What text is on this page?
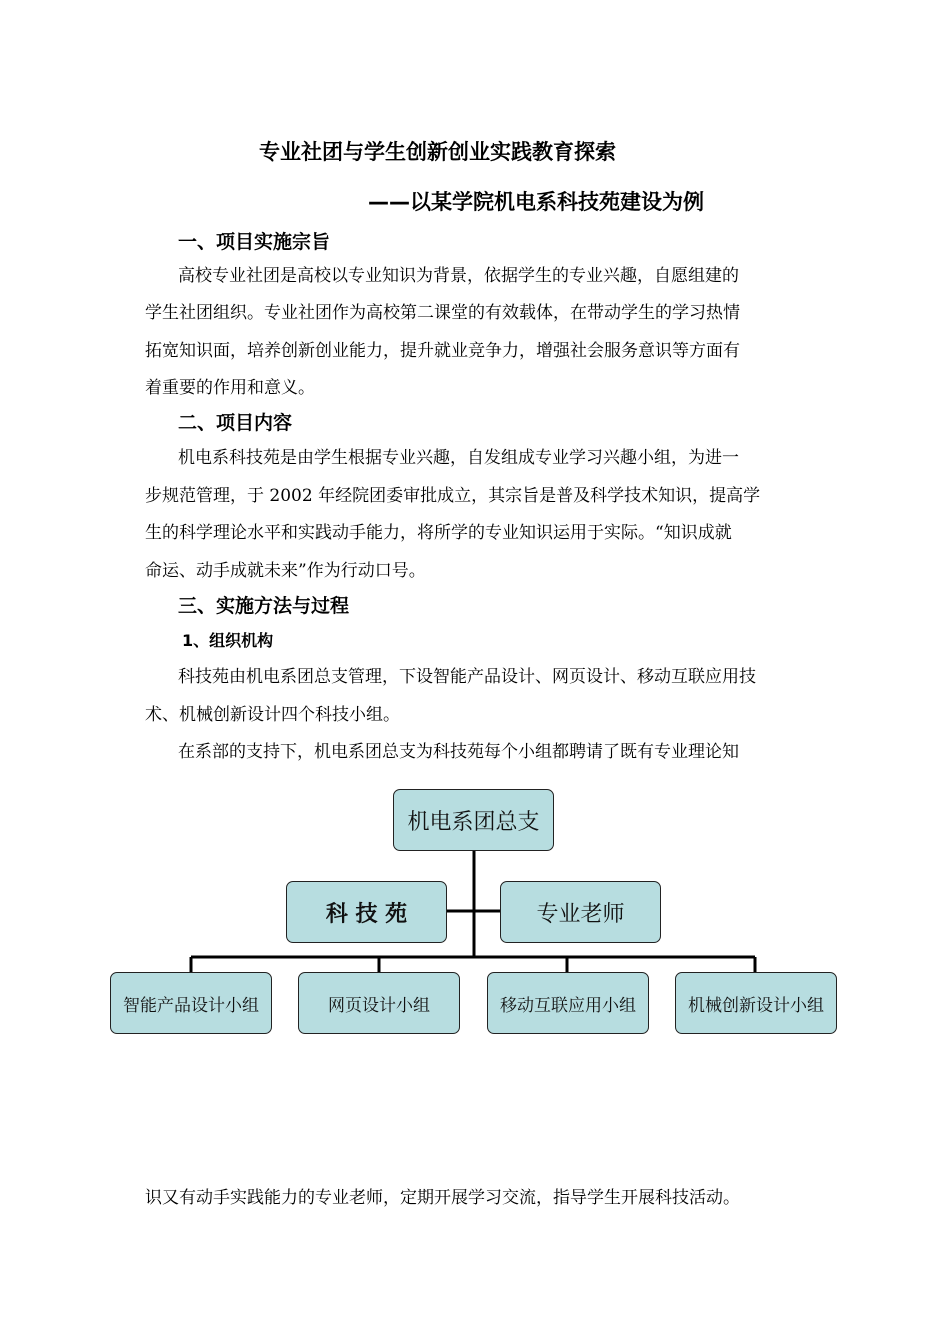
专业社团与学生创新创业实践教育探索
——以某学院机电系科技苑建设为例
一、项目实施宗旨
高校专业社团是高校以专业知识为背景，依据学生的专业兴趣，自愿组建的
学生社团组织。专业社团作为高校第二课堂的有效载体，在带动学生的学习热情
拓宽知识面，培养创新创业能力，提升就业竞争力，增强社会服务意识等方面有
着重要的作用和意义。
二、项目内容
机电系科技苑是由学生根据专业兴趣，自发组成专业学习兴趣小组，为进一
步规范管理，于 2002 年经院团委审批成立，其宗旨是普及科学技术知识，提高学
生的科学理论水平和实践动手能力，将所学的专业知识运用于实际。“知识成就
命运、动手成就未来”作为行动口号。
三、实施方法与过程
1、组织机构
科技苑由机电系团总支管理，下设智能产品设计、网页设计、移动互联应用技
术、机械创新设计四个科技小组。
在系部的支持下，机电系团总支为科技苑每个小组都聘请了既有专业理论知
机电系团总支
科 技 苑	专业老师
智能产品设计小组	网页设计小组	移动互联应用小组	机械创新设计小组
识又有动手实践能力的专业老师，定期开展学习交流，指导学生开展科技活动。
